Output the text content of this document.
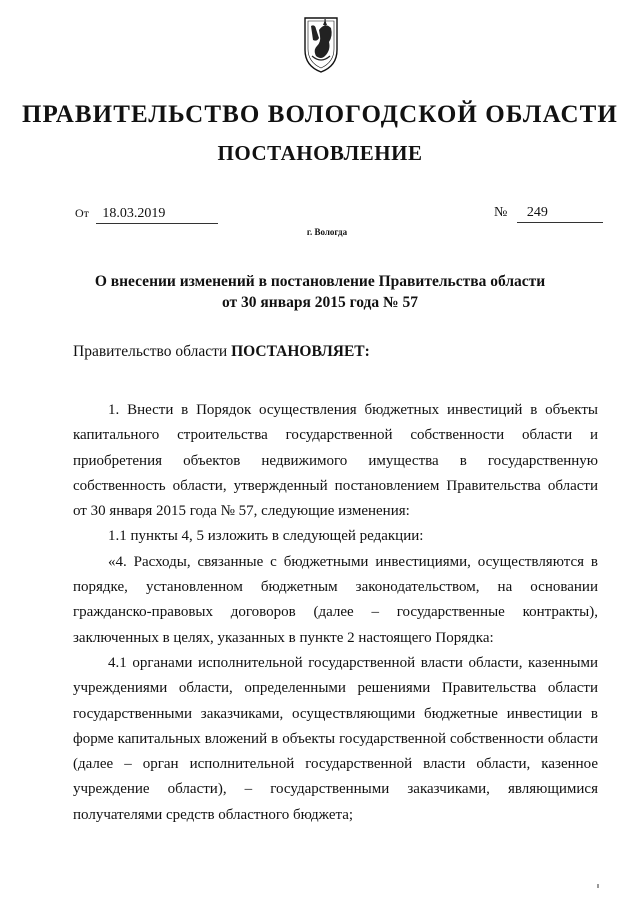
ПРАВИТЕЛЬСТВО ВОЛОГОДСКОЙ ОБЛАСТИ
ПОСТАНОВЛЕНИЕ
От 18.03.2019	№ 249
г. Вологда
О внесении изменений в постановление Правительства области
от 30 января 2015 года № 57
Правительство области ПОСТАНОВЛЯЕТ:

1. Внести в Порядок осуществления бюджетных инвестиций в объекты капитального строительства государственной собственности области и приобретения объектов недвижимого имущества в государственную собственность области, утвержденный постановлением Правительства области от 30 января 2015 года № 57, следующие изменения:

1.1 пункты 4, 5 изложить в следующей редакции:

«4. Расходы, связанные с бюджетными инвестициями, осуществляются в порядке, установленном бюджетным законодательством, на основании гражданско-правовых договоров (далее – государственные контракты), заключенных в целях, указанных в пункте 2 настоящего Порядка:

4.1 органами исполнительной государственной власти области, казенными учреждениями области, определенными решениями Правительства области государственными заказчиками, осуществляющими бюджетные инвестиции в форме капитальных вложений в объекты государственной собственности области (далее – орган исполнительной государственной власти области, казенное учреждение области), – государственными заказчиками, являющимися получателями средств областного бюджета;
